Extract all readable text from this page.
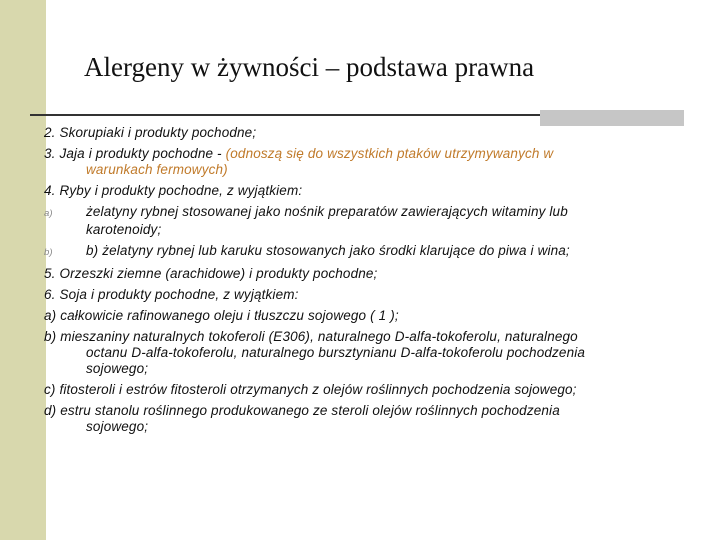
Alergeny w żywności – podstawa prawna

2. Skorupiaki i produkty pochodne;

3. Jaja i produkty pochodne - (odnoszą się do wszystkich ptaków utrzymywanych w
warunkach fermowych)

4. Ryby i produkty pochodne, z wyjątkiem:

a) żelatyny rybnej stosowanej jako nośnik preparatów zawierających witaminy lub
karotenoidy;

b) b) żelatyny rybnej lub karuku stosowanych jako środki klarujące do piwa i wina;

5. Orzeszki ziemne (arachidowe) i produkty pochodne;

6. Soja i produkty pochodne, z wyjątkiem:

a) całkowicie rafinowanego oleju i tłuszczu sojowego ( 1 );

b) mieszaniny naturalnych tokoferoli (E306), naturalnego D-alfa-tokoferolu, naturalnego
octanu D-alfa-tokoferolu, naturalnego bursztynianu D-alfa-tokoferolu pochodzenia
sojowego;

c) fitosteroli i estrów fitosteroli otrzymanych z olejów roślinnych pochodzenia sojowego;

d) estru stanolu roślinnego produkowanego ze steroli olejów roślinnych pochodzenia
sojowego;
